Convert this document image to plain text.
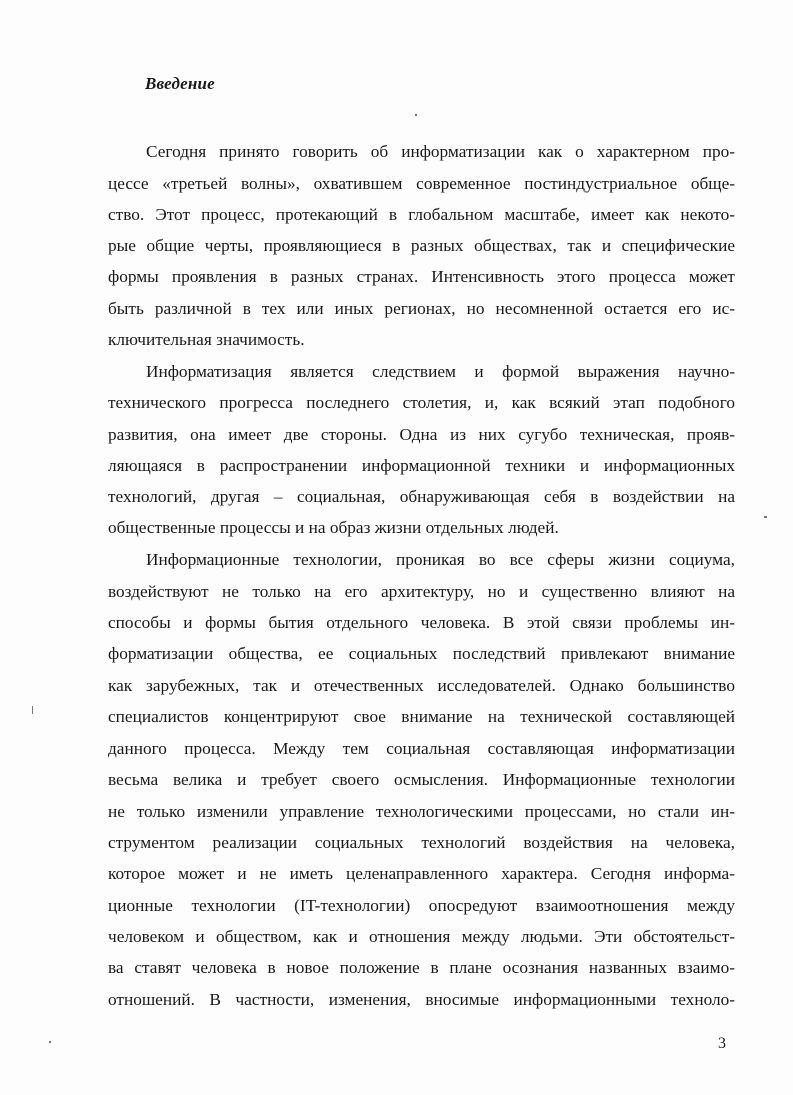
Введение
Сегодня принято говорить об информатизации как о характерном про-
цессе «третьей волны», охватившем современное постиндустриальное обще-
ство. Этот процесс, протекающий в глобальном масштабе, имеет как некото-
рые общие черты, проявляющиеся в разных обществах, так и специфические
формы проявления в разных странах. Интенсивность этого процесса может
быть различной в тех или иных регионах, но несомненной остается его ис-
ключительная значимость.
Информатизация является следствием и формой выражения научно-
технического прогресса последнего столетия, и, как всякий этап подобного
развития, она имеет две стороны. Одна из них сугубо техническая, прояв-
ляющаяся в распространении информационной техники и информационных
технологий, другая – социальная, обнаруживающая себя в воздействии на
общественные процессы и на образ жизни отдельных людей.
Информационные технологии, проникая во все сферы жизни социума,
воздействуют не только на его архитектуру, но и существенно влияют на
способы и формы бытия отдельного человека. В этой связи проблемы ин-
форматизации общества, ее социальных последствий привлекают внимание
как зарубежных, так и отечественных исследователей. Однако большинство
специалистов концентрируют свое внимание на технической составляющей
данного процесса. Между тем социальная составляющая информатизации
весьма велика и требует своего осмысления. Информационные технологии
не только изменили управление технологическими процессами, но стали ин-
струментом реализации социальных технологий воздействия на человека,
которое может и не иметь целенаправленного характера. Сегодня информа-
ционные технологии (IT-технологии) опосредуют взаимоотношения между
человеком и обществом, как и отношения между людьми. Эти обстоятельст-
ва ставят человека в новое положение в плане осознания названных взаимо-
отношений. В частности, изменения, вносимые информационными техноло-
3
